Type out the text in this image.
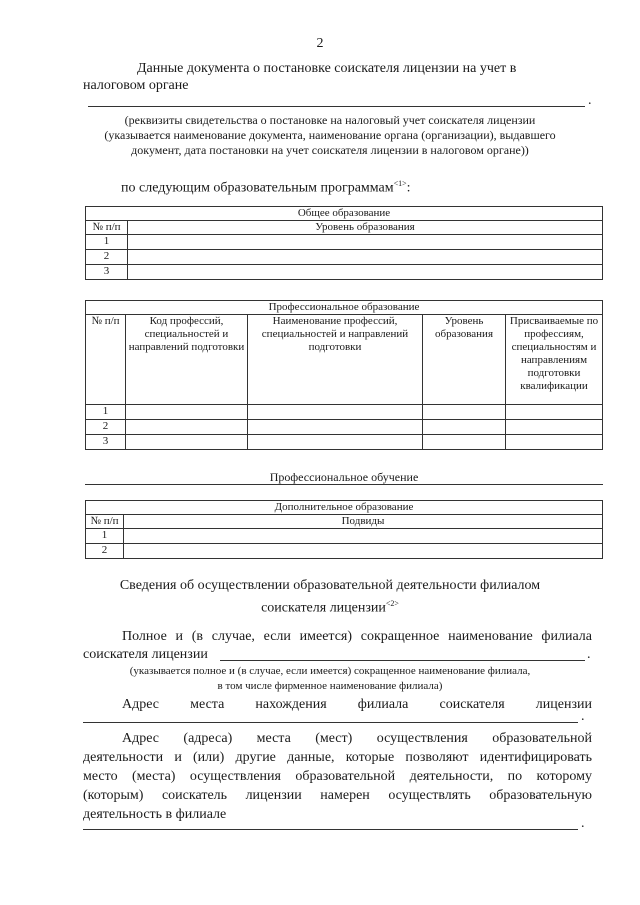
2
Данные документа о постановке соискателя лицензии на учет в
налоговом органе
.
(реквизиты свидетельства о постановке на налоговый учет соискателя лицензии
(указывается наименование документа, наименование органа (организации), выдавшего
документ, дата постановки на учет соискателя лицензии в налоговом органе))
по следующим образовательным программам$^{<1>}$:
Общее образование	
№ п/п	Уровень образования
1	
2	
3	
Профессиональное образование				
№ п/п	Код профессий, специальностей и направлений подготовки	Наименование профессий, специальностей и направлений подготовки	Уровень образования	Присваиваемые по профессиям, специальностям и направлениям подготовки квалификации
1				
2				
3				
Профессиональное обучение
Дополнительное образование	
№ п/п	Подвиды
1	
2	
Сведения об осуществлении образовательной деятельности филиалом
соискателя лицензии$^{<2>}$
Полное и (в случае, если имеется) сокращенное наименование филиала
соискателя лицензии	.
(указывается полное и (в случае, если имеется) сокращенное наименование филиала,
в том числе фирменное наименование филиала)
Адрес места нахождения филиала соискателя лицензии
.
Адрес (адреса) места (мест) осуществления образовательной
деятельности и (или) другие данные, которые позволяют идентифицировать
место (места) осуществления образовательной деятельности, по которому
(которым) соискатель лицензии намерен осуществлять образовательную
деятельность в филиале
.
